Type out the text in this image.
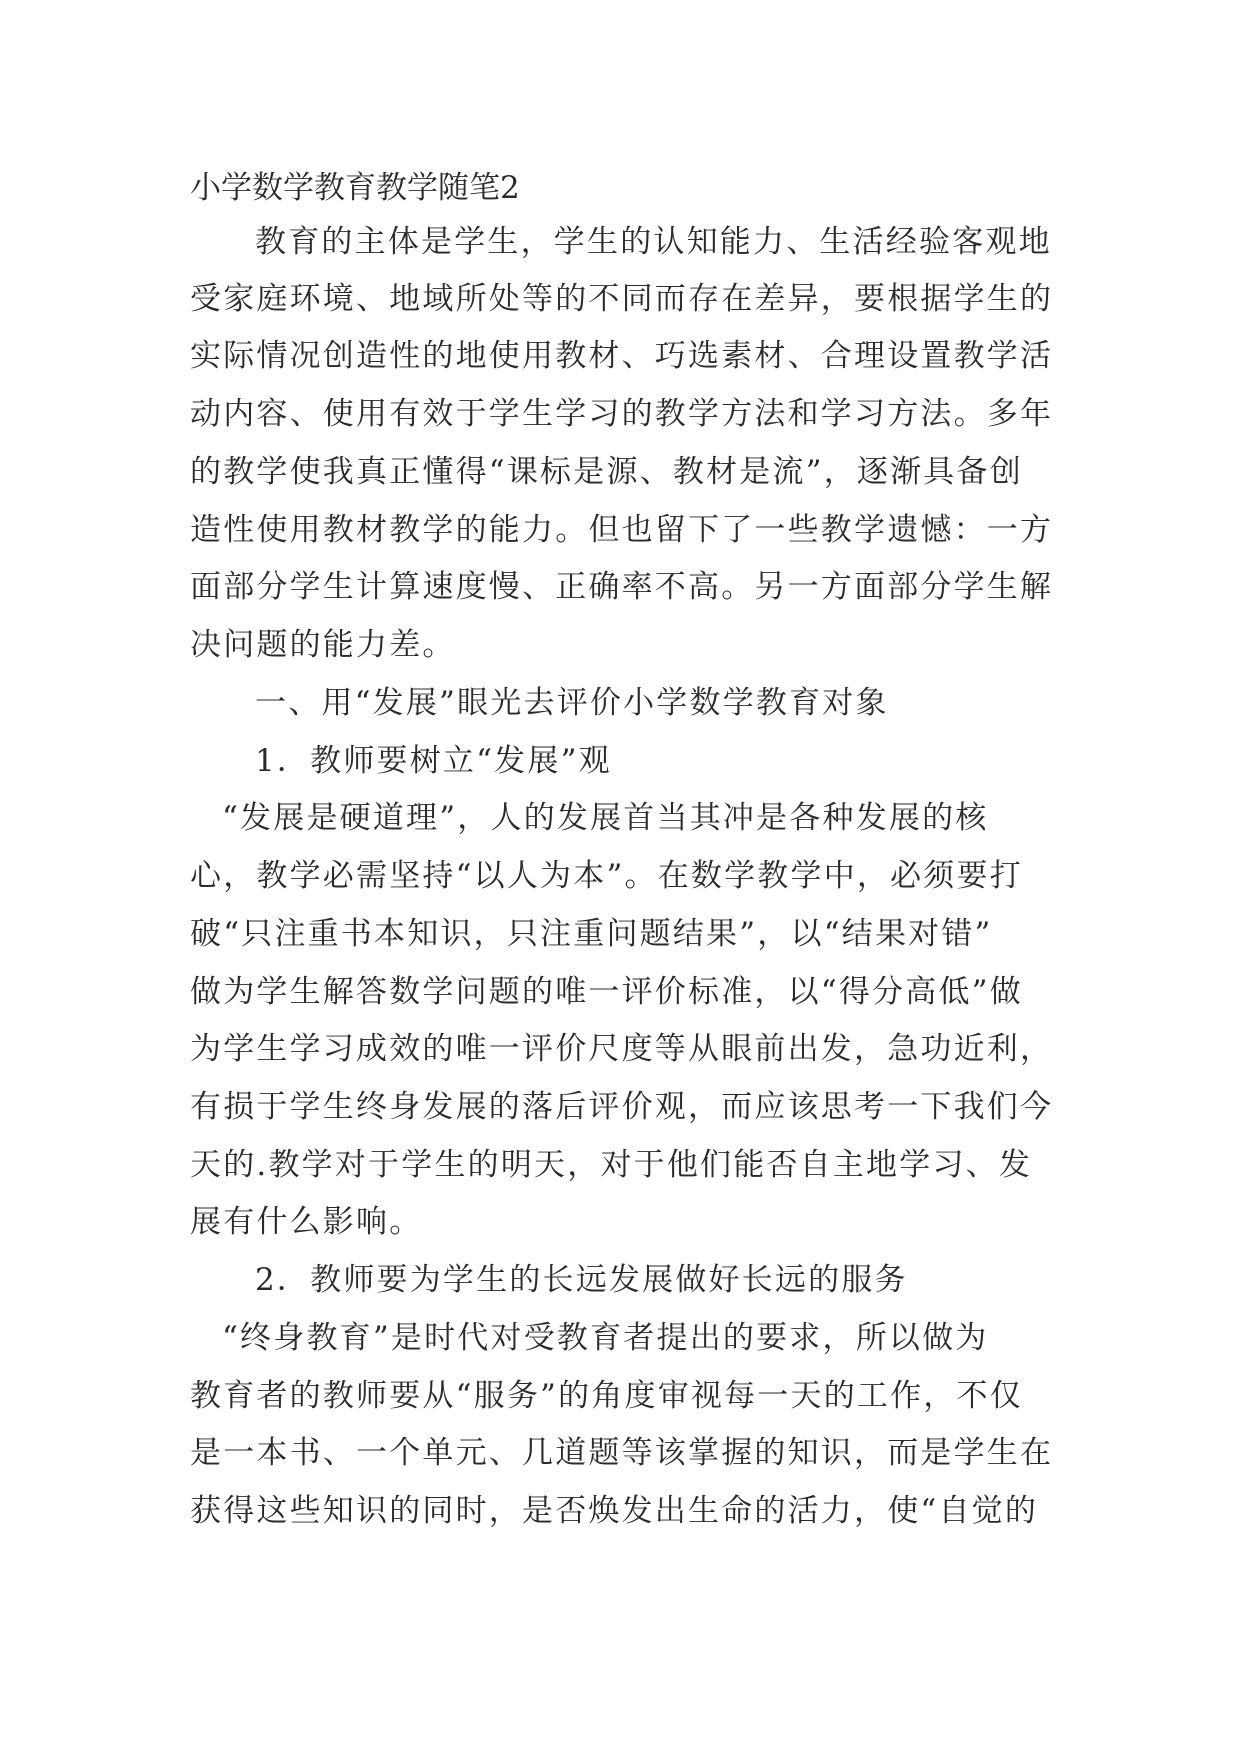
小学数学教育教学随笔2
教育的主体是学生，学生的认知能力、生活经验客观地
受家庭环境、地域所处等的不同而存在差异，要根据学生的
实际情况创造性的地使用教材、巧选素材、合理设置教学活
动内容、使用有效于学生学习的教学方法和学习方法。多年
的教学使我真正懂得“课标是源、教材是流”，逐渐具备创
造性使用教材教学的能力。但也留下了一些教学遗憾：一方
面部分学生计算速度慢、正确率不高。另一方面部分学生解
决问题的能力差。
一、用“发展”眼光去评价小学数学教育对象
1．教师要树立“发展”观
“发展是硬道理”，人的发展首当其冲是各种发展的核
心，教学必需坚持“以人为本”。在数学教学中，必须要打
破“只注重书本知识，只注重问题结果”，以“结果对错”
做为学生解答数学问题的唯一评价标准，以“得分高低”做
为学生学习成效的唯一评价尺度等从眼前出发，急功近利，
有损于学生终身发展的落后评价观，而应该思考一下我们今
天的.教学对于学生的明天，对于他们能否自主地学习、发
展有什么影响。
2．教师要为学生的长远发展做好长远的服务
“终身教育”是时代对受教育者提出的要求，所以做为
教育者的教师要从“服务”的角度审视每一天的工作，不仅
是一本书、一个单元、几道题等该掌握的知识，而是学生在
获得这些知识的同时，是否焕发出生命的活力，使“自觉的
